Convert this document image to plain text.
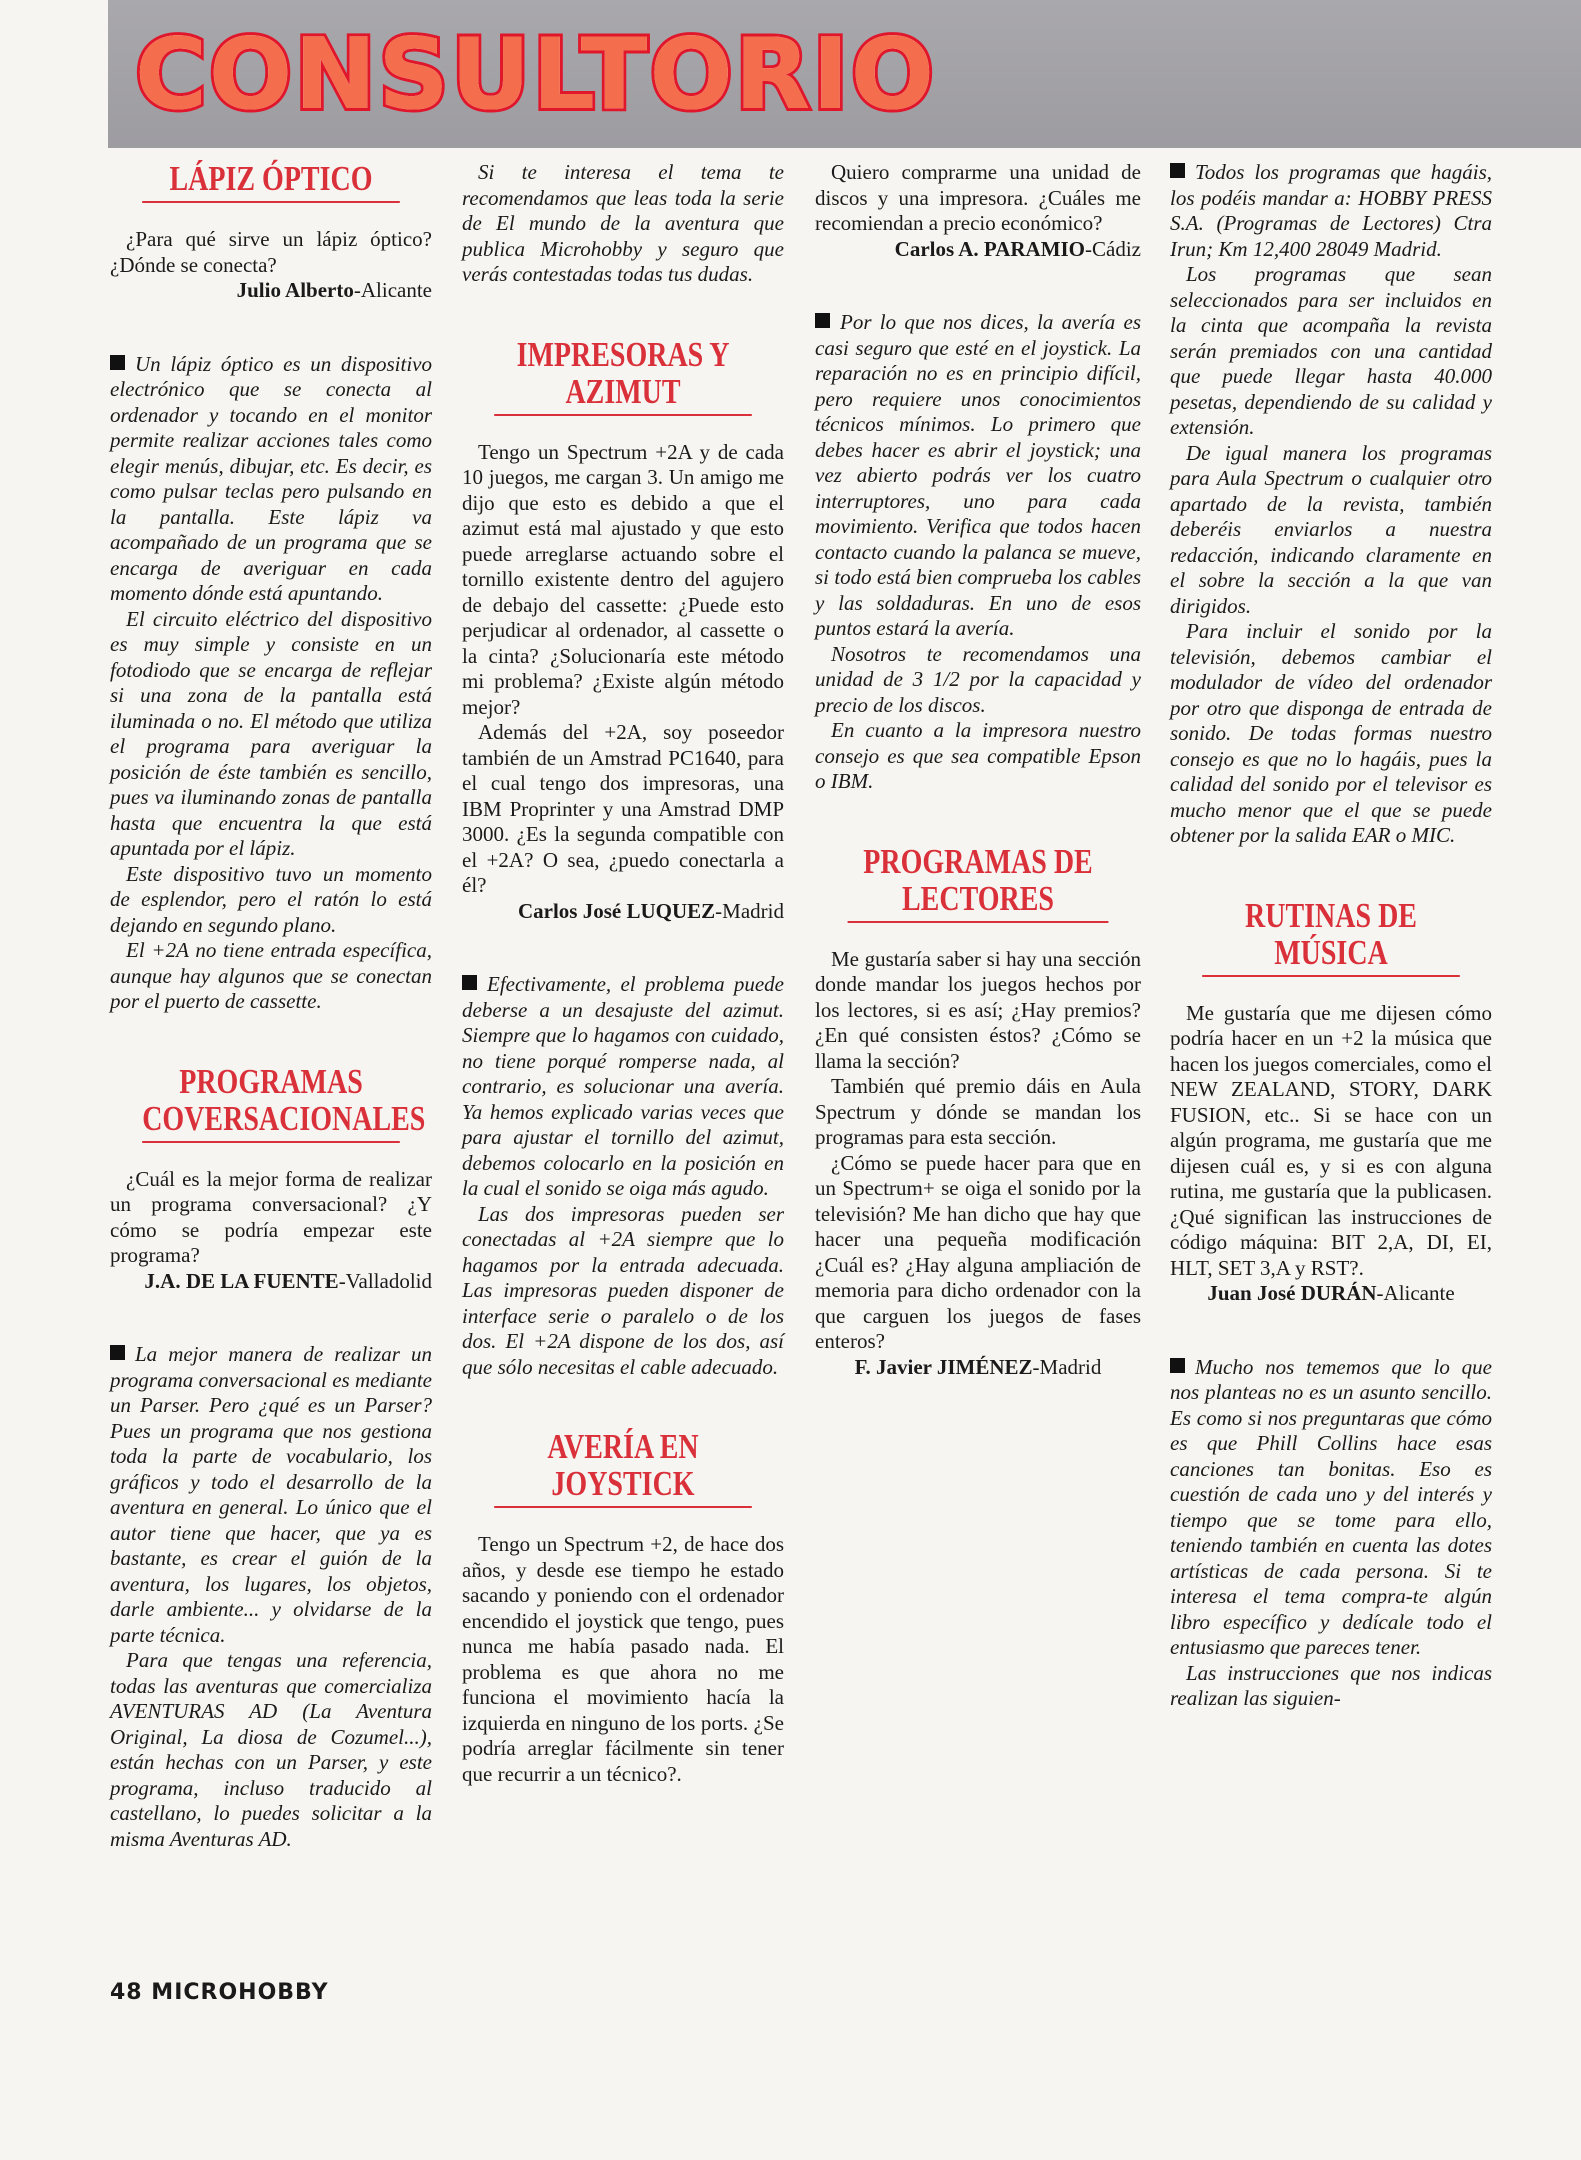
CONSULTORIO
LÁPIZ ÓPTICO

¿Para qué sirve un lápiz óptico? ¿Dónde se conecta?

Julio Alberto-Alicante

Un lápiz óptico es un dispositivo electrónico que se conecta al ordenador y tocando en el monitor permite realizar acciones tales como elegir menús, dibujar, etc. Es decir, es como pulsar teclas pero pulsando en la pantalla. Este lápiz va acompañado de un programa que se encarga de averiguar en cada momento dónde está apuntando.

El circuito eléctrico del dispositivo es muy simple y consiste en un fotodiodo que se encarga de reflejar si una zona de la pantalla está iluminada o no. El método que utiliza el programa para averiguar la posición de éste también es sencillo, pues va iluminando zonas de pantalla hasta que encuentra la que está apuntada por el lápiz.

Este dispositivo tuvo un momento de esplendor, pero el ratón lo está dejando en segundo plano.

El +2A no tiene entrada específica, aunque hay algunos que se conectan por el puerto de cassette.

PROGRAMAS
COVERSACIONALES

¿Cuál es la mejor forma de realizar un programa conversacional? ¿Y cómo se podría empezar este programa?

J.A. DE LA FUENTE-Valladolid

La mejor manera de realizar un programa conversacional es mediante un Parser. Pero ¿qué es un Parser? Pues un programa que nos gestiona toda la parte de vocabulario, los gráficos y todo el desarrollo de la aventura en general. Lo único que el autor tiene que hacer, que ya es bastante, es crear el guión de la aventura, los lugares, los objetos, darle ambiente... y olvidarse de la parte técnica.

Para que tengas una referencia, todas las aventuras que comercializa AVENTURAS AD (La Aventura Original, La diosa de Cozumel...), están hechas con un Parser, y este programa, incluso traducido al castellano, lo puedes solicitar a la misma Aventuras AD.

Si te interesa el tema te recomendamos que leas toda la serie de El mundo de la aventura que publica Microhobby y seguro que verás contestadas todas tus dudas.

IMPRESORAS Y
AZIMUT

Tengo un Spectrum +2A y de cada 10 juegos, me cargan 3. Un amigo me dijo que esto es debido a que el azimut está mal ajustado y que esto puede arreglarse actuando sobre el tornillo existente dentro del agujero de debajo del cassette: ¿Puede esto perjudicar al ordenador, al cassette o la cinta? ¿Solucionaría este método mi problema? ¿Existe algún método mejor?

Además del +2A, soy poseedor también de un Amstrad PC1640, para el cual tengo dos impresoras, una IBM Proprinter y una Amstrad DMP 3000. ¿Es la segunda compatible con el +2A? O sea, ¿puedo conectarla a él?

Carlos José LUQUEZ-Madrid

Efectivamente, el problema puede deberse a un desajuste del azimut. Siempre que lo hagamos con cuidado, no tiene porqué romperse nada, al contrario, es solucionar una avería. Ya hemos explicado varias veces que para ajustar el tornillo del azimut, debemos colocarlo en la posición en la cual el sonido se oiga más agudo.

Las dos impresoras pueden ser conectadas al +2A siempre que lo hagamos por la entrada adecuada. Las impresoras pueden disponer de interface serie o paralelo o de los dos. El +2A dispone de los dos, así que sólo necesitas el cable adecuado.

AVERÍA EN
JOYSTICK

Tengo un Spectrum +2, de hace dos años, y desde ese tiempo he estado sacando y poniendo con el ordenador encendido el joystick que tengo, pues nunca me había pasado nada. El problema es que ahora no me funciona el movimiento hacía la izquierda en ninguno de los ports. ¿Se podría arreglar fácilmente sin tener que recurrir a un técnico?.

Quiero comprarme una unidad de discos y una impresora. ¿Cuáles me recomiendan a precio económico?

Carlos A. PARAMIO-Cádiz

Por lo que nos dices, la avería es casi seguro que esté en el joystick. La reparación no es en principio difícil, pero requiere unos conocimientos técnicos mínimos. Lo primero que debes hacer es abrir el joystick; una vez abierto podrás ver los cuatro interruptores, uno para cada movimiento. Verifica que todos hacen contacto cuando la palanca se mueve, si todo está bien comprueba los cables y las soldaduras. En uno de esos puntos estará la avería.

Nosotros te recomendamos una unidad de 3 1/2 por la capacidad y precio de los discos.

En cuanto a la impresora nuestro consejo es que sea compatible Epson o IBM.

PROGRAMAS DE
LECTORES

Me gustaría saber si hay una sección donde mandar los juegos hechos por los lectores, si es así; ¿Hay premios? ¿En qué consisten éstos? ¿Cómo se llama la sección?

También qué premio dáis en Aula Spectrum y dónde se mandan los programas para esta sección.

¿Cómo se puede hacer para que en un Spectrum+ se oiga el sonido por la televisión? Me han dicho que hay que hacer una pequeña modificación ¿Cuál es? ¿Hay alguna ampliación de memoria para dicho ordenador con la que carguen los juegos de fases enteros?

F. Javier JIMÉNEZ-Madrid

Todos los programas que hagáis, los podéis mandar a: HOBBY PRESS S.A. (Programas de Lectores) Ctra Irun; Km 12,400 28049 Madrid.

Los programas que sean seleccionados para ser incluidos en la cinta que acompaña la revista serán premiados con una cantidad que puede llegar hasta 40.000 pesetas, dependiendo de su calidad y extensión.

De igual manera los programas para Aula Spectrum o cualquier otro apartado de la revista, también deberéis enviarlos a nuestra redacción, indicando claramente en el sobre la sección a la que van dirigidos.

Para incluir el sonido por la televisión, debemos cambiar el modulador de vídeo del ordenador por otro que disponga de entrada de sonido. De todas formas nuestro consejo es que no lo hagáis, pues la calidad del sonido por el televisor es mucho menor que el que se puede obtener por la salida EAR o MIC.

RUTINAS DE MÚSICA

Me gustaría que me dijesen cómo podría hacer en un +2 la música que hacen los juegos comerciales, como el NEW ZEALAND, STORY, DARK FUSION, etc.. Si se hace con un algún programa, me gustaría que me dijesen cuál es, y si es con alguna rutina, me gustaría que la publicasen. ¿Qué significan las instrucciones de código máquina: BIT 2,A, DI, EI, HLT, SET 3,A y RST?.

Juan José DURÁN-Alicante

Mucho nos tememos que lo que nos planteas no es un asunto sencillo. Es como si nos preguntaras que cómo es que Phill Collins hace esas canciones tan bonitas. Eso es cuestión de cada uno y del interés y tiempo que se tome para ello, teniendo también en cuenta las dotes artísticas de cada persona. Si te interesa el tema compra-te algún libro específico y dedícale todo el entusiasmo que pareces tener.

Las instrucciones que nos indicas realizan las siguien-

48 MICROHOBBY
